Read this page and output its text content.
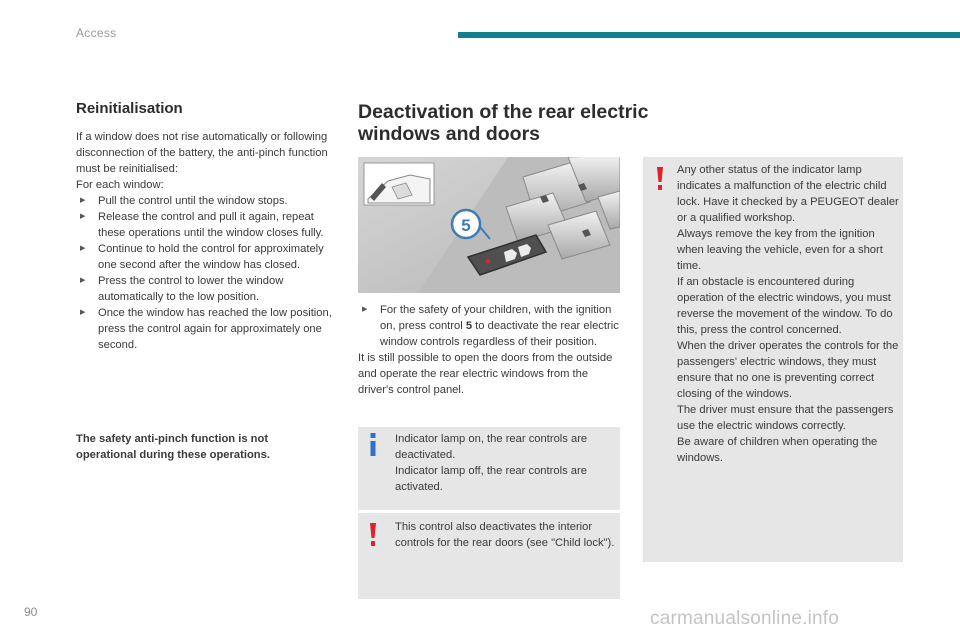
Access
Reinitialisation

If a window does not rise automatically or following disconnection of the battery, the anti-pinch function must be reinitialised:

For each window:

▶ Pull the control until the window stops.
▶ Release the control and pull it again, repeat these operations until the window closes fully.
▶ Continue to hold the control for approximately one second after the window has closed.
▶ Press the control to lower the window automatically to the low position.
▶ Once the window has reached the low position, press the control again for approximately one second.
The safety anti-pinch function is not operational during these operations.
Deactivation of the rear electric windows and doors
5
▶ For the safety of your children, with the ignition on, press control 5 to deactivate the rear electric window controls regardless of their position.

It is still possible to open the doors from the outside and operate the rear electric windows from the driver's control panel.

Indicator lamp on, the rear controls are deactivated.
Indicator lamp off, the rear controls are activated.
This control also deactivates the interior controls for the rear doors (see "Child lock").
Any other status of the indicator lamp indicates a malfunction of the electric child lock. Have it checked by a PEUGEOT dealer or a qualified workshop.
Always remove the key from the ignition when leaving the vehicle, even for a short time.
If an obstacle is encountered during operation of the electric windows, you must reverse the movement of the window. To do this, press the control concerned.
When the driver operates the controls for the passengers' electric windows, they must ensure that no one is preventing correct closing of the windows.
The driver must ensure that the passengers use the electric windows correctly.
Be aware of children when operating the windows.
90	carmanualsonline.info
